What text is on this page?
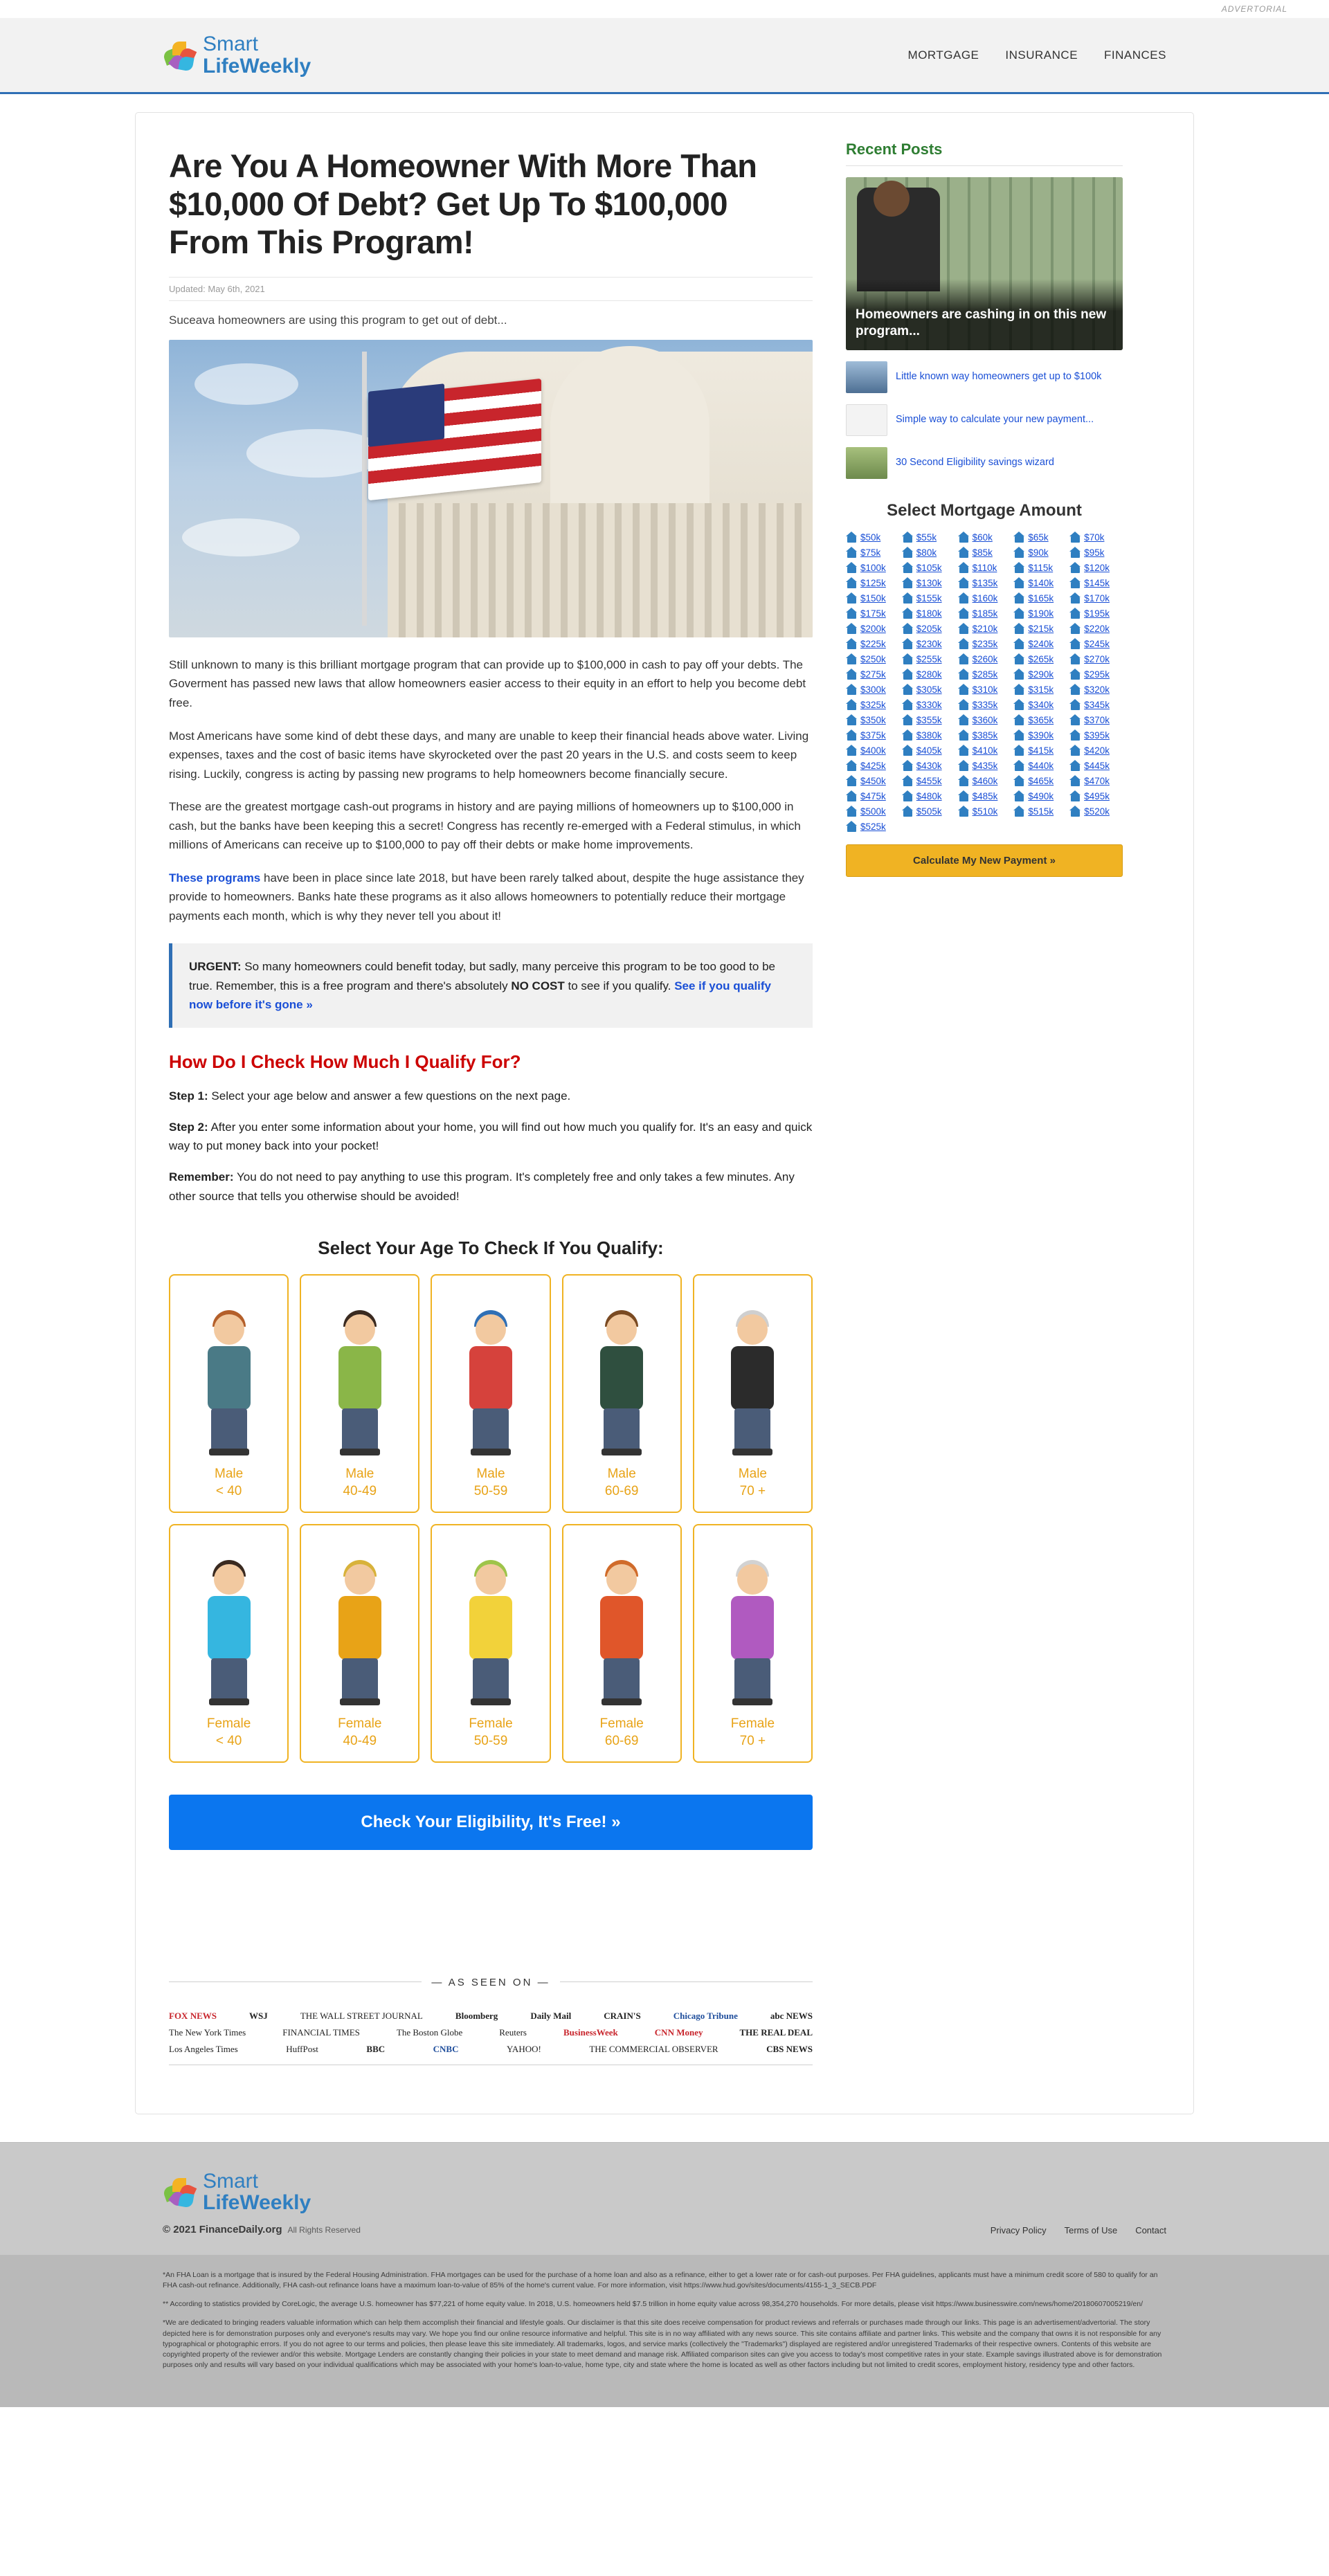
ADVERTORIAL
Smart
LifeWeekly	MORTGAGE INSURANCE FINANCES
Are You A Homeowner With More Than $10,000 Of Debt? Get Up To $100,000 From This Program!
Updated: May 6th, 2021
Suceava homeowners are using this program to get out of debt...

Still unknown to many is this brilliant mortgage program that can provide up to $100,000 in cash to pay off your debts. The Goverment has passed new laws that allow homeowners easier access to their equity in an effort to help you become debt free.

Most Americans have some kind of debt these days, and many are unable to keep their financial heads above water. Living expenses, taxes and the cost of basic items have skyrocketed over the past 20 years in the U.S. and costs seem to keep rising. Luckily, congress is acting by passing new programs to help homeowners become financially secure.

These are the greatest mortgage cash-out programs in history and are paying millions of homeowners up to $100,000 in cash, but the banks have been keeping this a secret! Congress has recently re-emerged with a Federal stimulus, in which millions of Americans can receive up to $100,000 to pay off their debts or make home improvements.

These programs have been in place since late 2018, but have been rarely talked about, despite the huge assistance they provide to homeowners. Banks hate these programs as it also allows homeowners to potentially reduce their mortgage payments each month, which is why they never tell you about it!

URGENT: So many homeowners could benefit today, but sadly, many perceive this program to be too good to be true. Remember, this is a free program and there's absolutely NO COST to see if you qualify. See if you qualify now before it's gone »
How Do I Check How Much I Qualify For?
Step 1: Select your age below and answer a few questions on the next page.
Step 2: After you enter some information about your home, you will find out how much you qualify for. It's an easy and quick way to put money back into your pocket!
Remember: You do not need to pay anything to use this program. It's completely free and only takes a few minutes. Any other source that tells you otherwise should be avoided!
Select Your Age To Check If You Qualify:
Male
< 40
Male
40-49
Male
50-59
Male
60-69
Male
70 +
Female
< 40
Female
40-49
Female
50-59
Female
60-69
Female
70 +
Check Your Eligibility, It's Free! »
— AS SEEN ON —
FOX NEWS	WSJ	THE WALL STREET JOURNAL	Bloomberg	Daily Mail	CRAIN'S	Chicago Tribune	abc NEWS
The New York Times	FINANCIAL TIMES	The Boston Globe	Reuters	BusinessWeek	CNN Money	THE REAL DEAL
Los Angeles Times	HuffPost	BBC	CNBC	YAHOO!	THE COMMERCIAL OBSERVER	CBS NEWS
Recent Posts
Homeowners are cashing in on this new program...
Little known way homeowners get up to $100k
Simple way to calculate your new payment...
30 Second Eligibility savings wizard
Select Mortgage Amount
$50k	$55k	$60k	$65k	$70k
$75k	$80k	$85k	$90k	$95k
$100k	$105k	$110k	$115k	$120k
$125k	$130k	$135k	$140k	$145k
$150k	$155k	$160k	$165k	$170k
$175k	$180k	$185k	$190k	$195k
$200k	$205k	$210k	$215k	$220k
$225k	$230k	$235k	$240k	$245k
$250k	$255k	$260k	$265k	$270k
$275k	$280k	$285k	$290k	$295k
$300k	$305k	$310k	$315k	$320k
$325k	$330k	$335k	$340k	$345k
$350k	$355k	$360k	$365k	$370k
$375k	$380k	$385k	$390k	$395k
$400k	$405k	$410k	$415k	$420k
$425k	$430k	$435k	$440k	$445k
$450k	$455k	$460k	$465k	$470k
$475k	$480k	$485k	$490k	$495k
$500k	$505k	$510k	$515k	$520k
$525k
Calculate My New Payment »
Smart
LifeWeekly
© 2021 FinanceDaily.org All Rights Reserved	Privacy Policy Terms of Use Contact

*An FHA Loan is a mortgage that is insured by the Federal Housing Administration. FHA mortgages can be used for the purchase of a home loan and also as a refinance, either to get a lower rate or for cash-out purposes. Per FHA guidelines, applicants must have a minimum credit score of 580 to qualify for an FHA cash-out refinance. Additionally, FHA cash-out refinance loans have a maximum loan-to-value of 85% of the home's current value. For more information, visit https://www.hud.gov/sites/documents/4155-1_3_SECB.PDF

** According to statistics provided by CoreLogic, the average U.S. homeowner has $77,221 of home equity value. In 2018, U.S. homeowners held $7.5 trillion in home equity value across 98,354,270 households. For more details, please visit https://www.businesswire.com/news/home/20180607005219/en/

*We are dedicated to bringing readers valuable information which can help them accomplish their financial and lifestyle goals. Our disclaimer is that this site does receive compensation for product reviews and referrals or purchases made through our links. This page is an advertisement/advertorial. The story depicted here is for demonstration purposes only and everyone's results may vary. We hope you find our online resource informative and helpful. This site is in no way affiliated with any news source. This site contains affiliate and partner links. This website and the company that owns it is not responsible for any typographical or photographic errors. If you do not agree to our terms and policies, then please leave this site immediately. All trademarks, logos, and service marks (collectively the "Trademarks") displayed are registered and/or unregistered Trademarks of their respective owners. Contents of this website are copyrighted property of the reviewer and/or this website. Mortgage Lenders are constantly changing their policies in your state to meet demand and manage risk. Affiliated comparison sites can give you access to today's most competitive rates in your state. Example savings illustrated above is for demonstration purposes only and results will vary based on your individual qualifications which may be associated with your home's loan-to-value, home type, city and state where the home is located as well as other factors including but not limited to credit scores, employment history, residency type and other factors.
